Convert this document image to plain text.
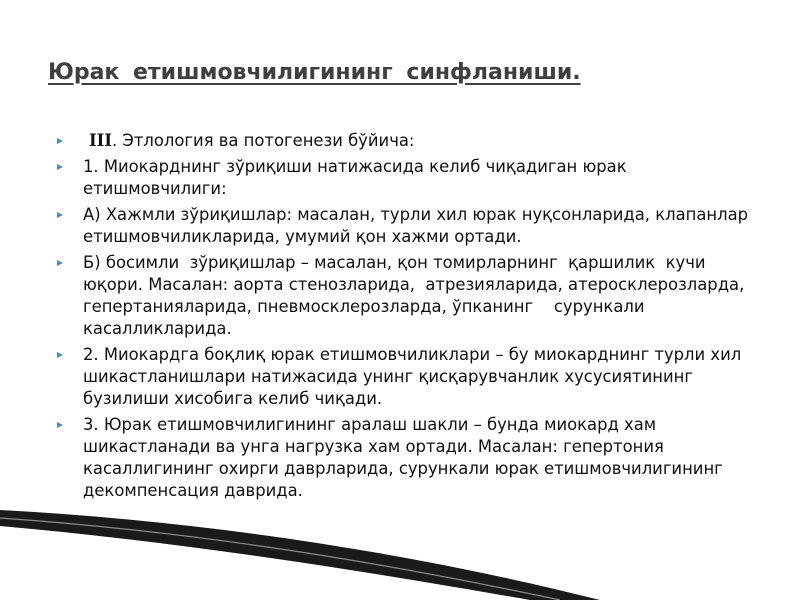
Юрак етишмовчилигининг синфланиши.
III. Этлология ва потогенези бўйича:
1. Миокарднинг зўриқиши натижасида келиб чиқадиган юрак етишмовчилиги:
А) Хажмли зўриқишлар: масалан, турли хил юрак нуқсонларида, клапанлар етишмовчиликларида, умумий қон хажми ортади.
Б) босимли  зўриқишлар – масалан, қон томирларнинг  қаршилик  кучи юқори. Масалан: аорта стенозларида,  атрезияларида, атеросклерозларда, гепертанияларида, пневмосклерозларда, ўпканинг    сурункали  касалликларида.
2. Миокардга боқлиқ юрак етишмовчиликлари – бу миокарднинг турли хил шикастланишлари натижасида унинг қисқарувчанлик хусусиятининг бузилиши хисобига келиб чиқади.
3. Юрак етишмовчилигининг аралаш шакли – бунда миокард хам шикастланади ва унга нагрузка хам ортади. Масалан: гепертония касаллигининг охирги даврларида, сурункали юрак етишмовчилигининг декомпенсация даврида.
